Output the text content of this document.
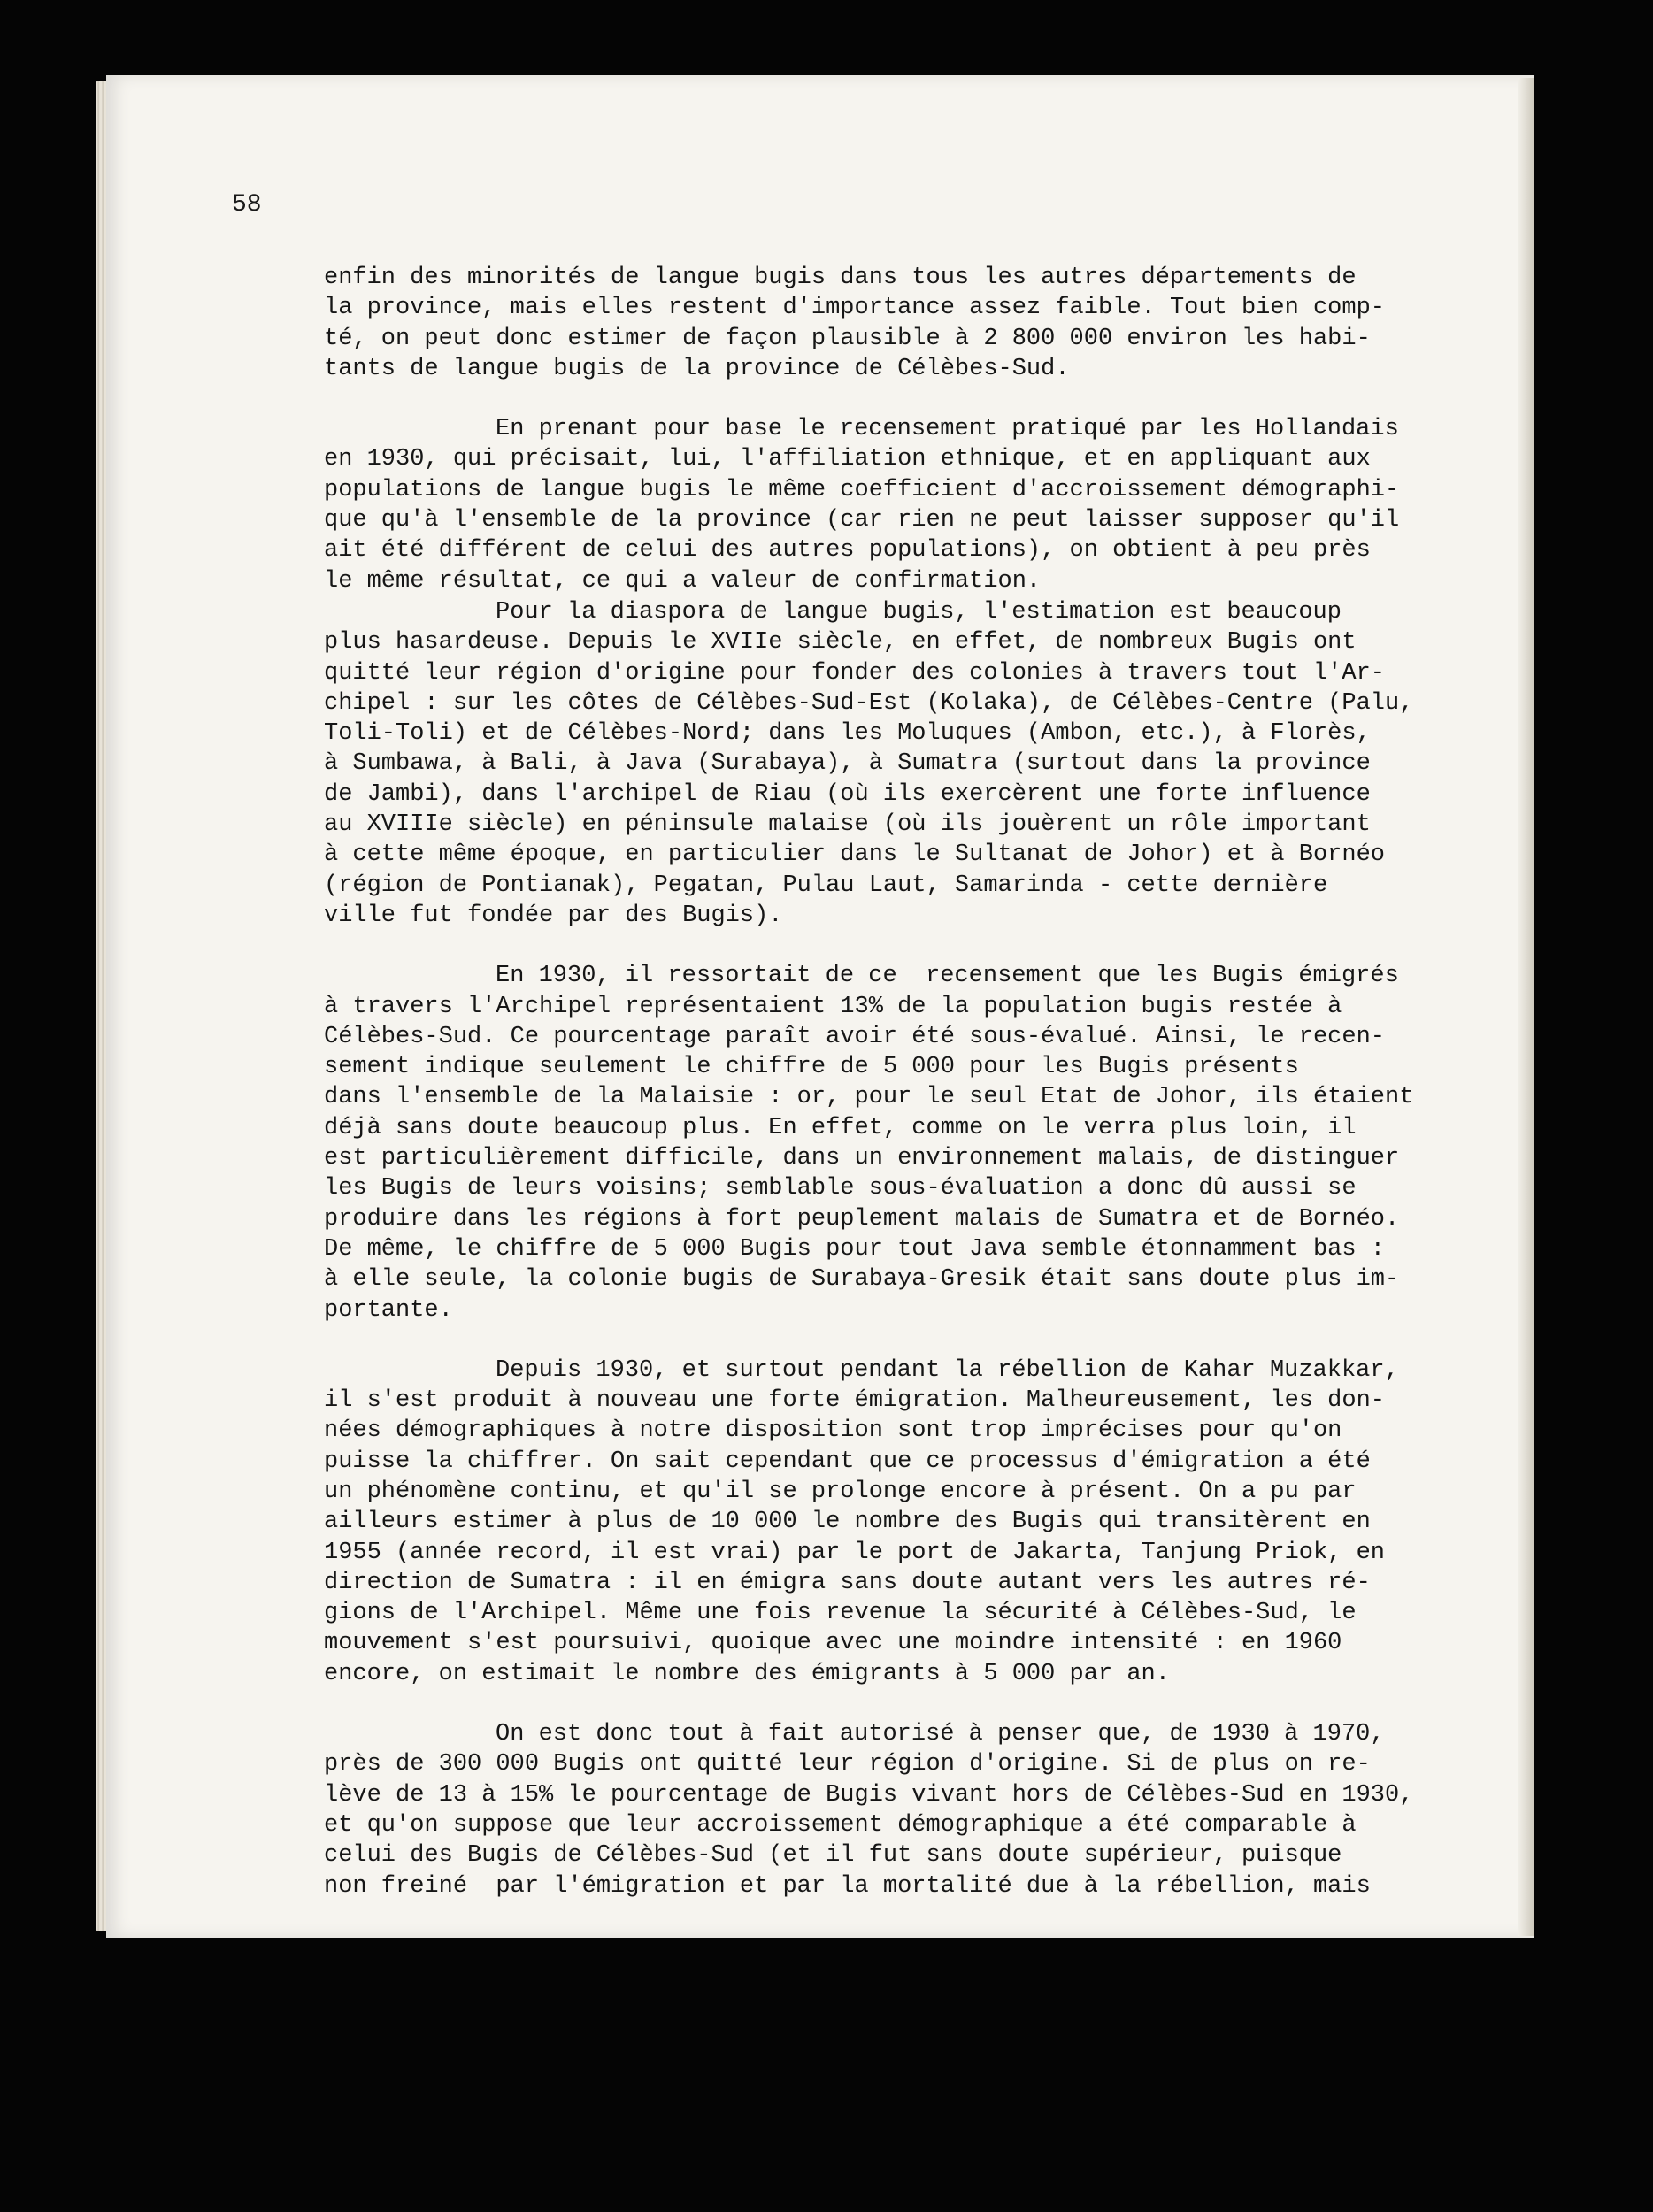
58
enfin des minorités de langue bugis dans tous les autres départements de
la province, mais elles restent d'importance assez faible. Tout bien comp-
té, on peut donc estimer de façon plausible à 2 800 000 environ les habi-
tants de langue bugis de la province de Célèbes-Sud.
En prenant pour base le recensement pratiqué par les Hollandais
en 1930, qui précisait, lui, l'affiliation ethnique, et en appliquant aux
populations de langue bugis le même coefficient d'accroissement démographi-
que qu'à l'ensemble de la province (car rien ne peut laisser supposer qu'il
ait été différent de celui des autres populations), on obtient à peu près
le même résultat, ce qui a valeur de confirmation.
Pour la diaspora de langue bugis, l'estimation est beaucoup
plus hasardeuse. Depuis le XVIIe siècle, en effet, de nombreux Bugis ont
quitté leur région d'origine pour fonder des colonies à travers tout l'Ar-
chipel : sur les côtes de Célèbes-Sud-Est (Kolaka), de Célèbes-Centre (Palu,
Toli-Toli) et de Célèbes-Nord; dans les Moluques (Ambon, etc.), à Florès,
à Sumbawa, à Bali, à Java (Surabaya), à Sumatra (surtout dans la province
de Jambi), dans l'archipel de Riau (où ils exercèrent une forte influence
au XVIIIe siècle) en péninsule malaise (où ils jouèrent un rôle important
à cette même époque, en particulier dans le Sultanat de Johor) et à Bornéo
(région de Pontianak), Pegatan, Pulau Laut, Samarinda - cette dernière
ville fut fondée par des Bugis).
En 1930, il ressortait de ce  recensement que les Bugis émigrés
à travers l'Archipel représentaient 13% de la population bugis restée à
Célèbes-Sud. Ce pourcentage paraît avoir été sous-évalué. Ainsi, le recen-
sement indique seulement le chiffre de 5 000 pour les Bugis présents
dans l'ensemble de la Malaisie : or, pour le seul Etat de Johor, ils étaient
déjà sans doute beaucoup plus. En effet, comme on le verra plus loin, il
est particulièrement difficile, dans un environnement malais, de distinguer
les Bugis de leurs voisins; semblable sous-évaluation a donc dû aussi se
produire dans les régions à fort peuplement malais de Sumatra et de Bornéo.
De même, le chiffre de 5 000 Bugis pour tout Java semble étonnamment bas :
à elle seule, la colonie bugis de Surabaya-Gresik était sans doute plus im-
portante.
Depuis 1930, et surtout pendant la rébellion de Kahar Muzakkar,
il s'est produit à nouveau une forte émigration. Malheureusement, les don-
nées démographiques à notre disposition sont trop imprécises pour qu'on
puisse la chiffrer. On sait cependant que ce processus d'émigration a été
un phénomène continu, et qu'il se prolonge encore à présent. On a pu par
ailleurs estimer à plus de 10 000 le nombre des Bugis qui transitèrent en
1955 (année record, il est vrai) par le port de Jakarta, Tanjung Priok, en
direction de Sumatra : il en émigra sans doute autant vers les autres ré-
gions de l'Archipel. Même une fois revenue la sécurité à Célèbes-Sud, le
mouvement s'est poursuivi, quoique avec une moindre intensité : en 1960
encore, on estimait le nombre des émigrants à 5 000 par an.
On est donc tout à fait autorisé à penser que, de 1930 à 1970,
près de 300 000 Bugis ont quitté leur région d'origine. Si de plus on re-
lève de 13 à 15% le pourcentage de Bugis vivant hors de Célèbes-Sud en 1930,
et qu'on suppose que leur accroissement démographique a été comparable à
celui des Bugis de Célèbes-Sud (et il fut sans doute supérieur, puisque
non freiné  par l'émigration et par la mortalité due à la rébellion, mais
